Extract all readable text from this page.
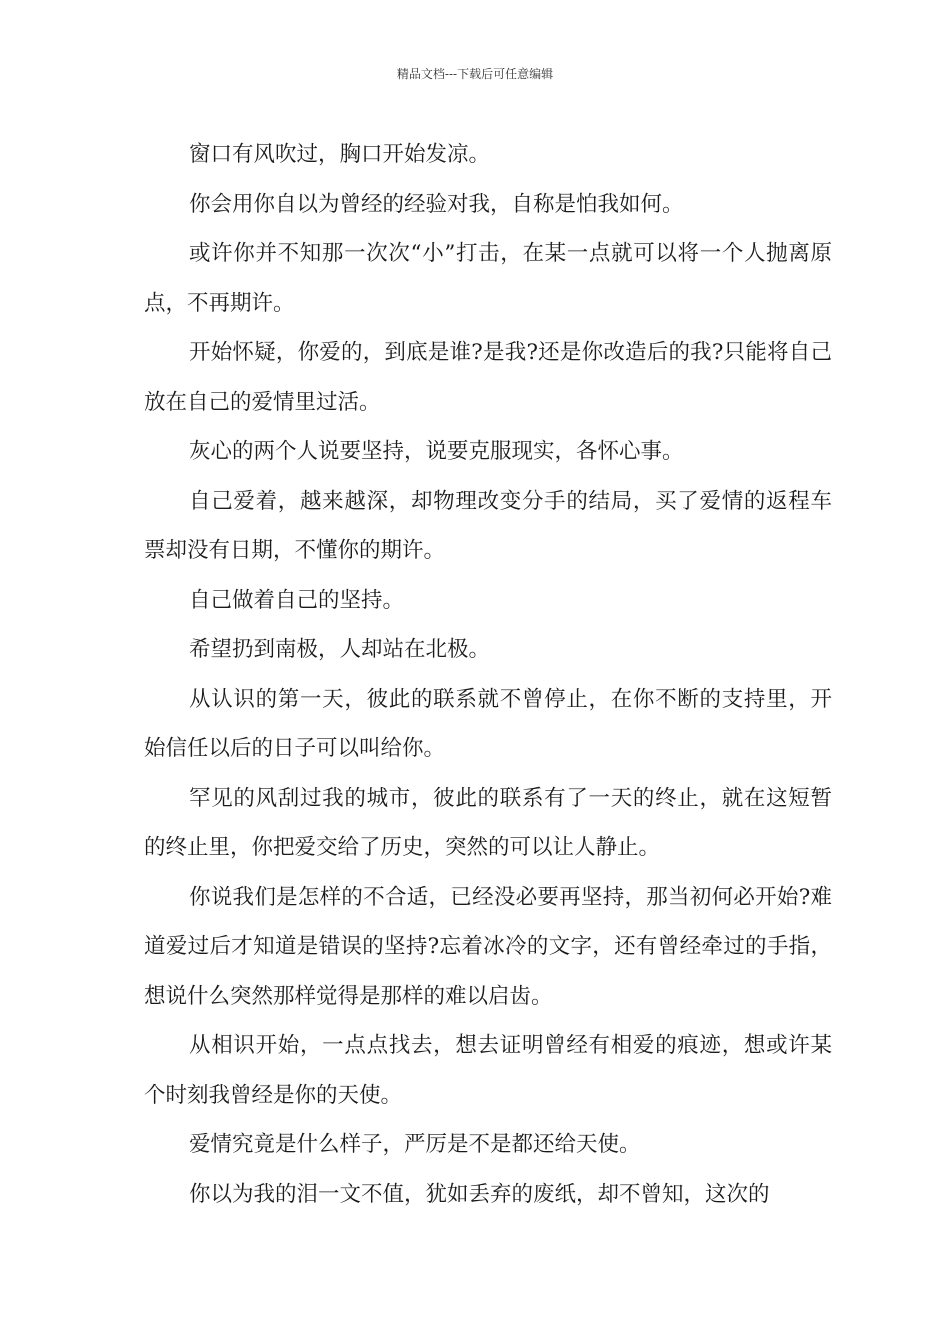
精品文档---下载后可任意编辑

窗口有风吹过，胸口开始发凉。

你会用你自以为曾经的经验对我，自称是怕我如何。

或许你并不知那一次次“小”打击，在某一点就可以将一个人抛离原点，不再期许。

开始怀疑，你爱的，到底是谁?是我?还是你改造后的我?只能将自己放在自己的爱情里过活。

灰心的两个人说要坚持，说要克服现实，各怀心事。

自己爱着，越来越深，却物理改变分手的结局，买了爱情的返程车票却没有日期，不懂你的期许。

自己做着自己的坚持。

希望扔到南极，人却站在北极。

从认识的第一天，彼此的联系就不曾停止，在你不断的支持里，开始信任以后的日子可以叫给你。

罕见的风刮过我的城市，彼此的联系有了一天的终止，就在这短暂的终止里，你把爱交给了历史，突然的可以让人静止。

你说我们是怎样的不合适，已经没必要再坚持，那当初何必开始?难道爱过后才知道是错误的坚持?忘着冰冷的文字，还有曾经牵过的手指，想说什么突然那样觉得是那样的难以启齿。

从相识开始，一点点找去，想去证明曾经有相爱的痕迹，想或许某个时刻我曾经是你的天使。

爱情究竟是什么样子，严厉是不是都还给天使。

你以为我的泪一文不值，犹如丢弃的废纸，却不曾知，这次的
